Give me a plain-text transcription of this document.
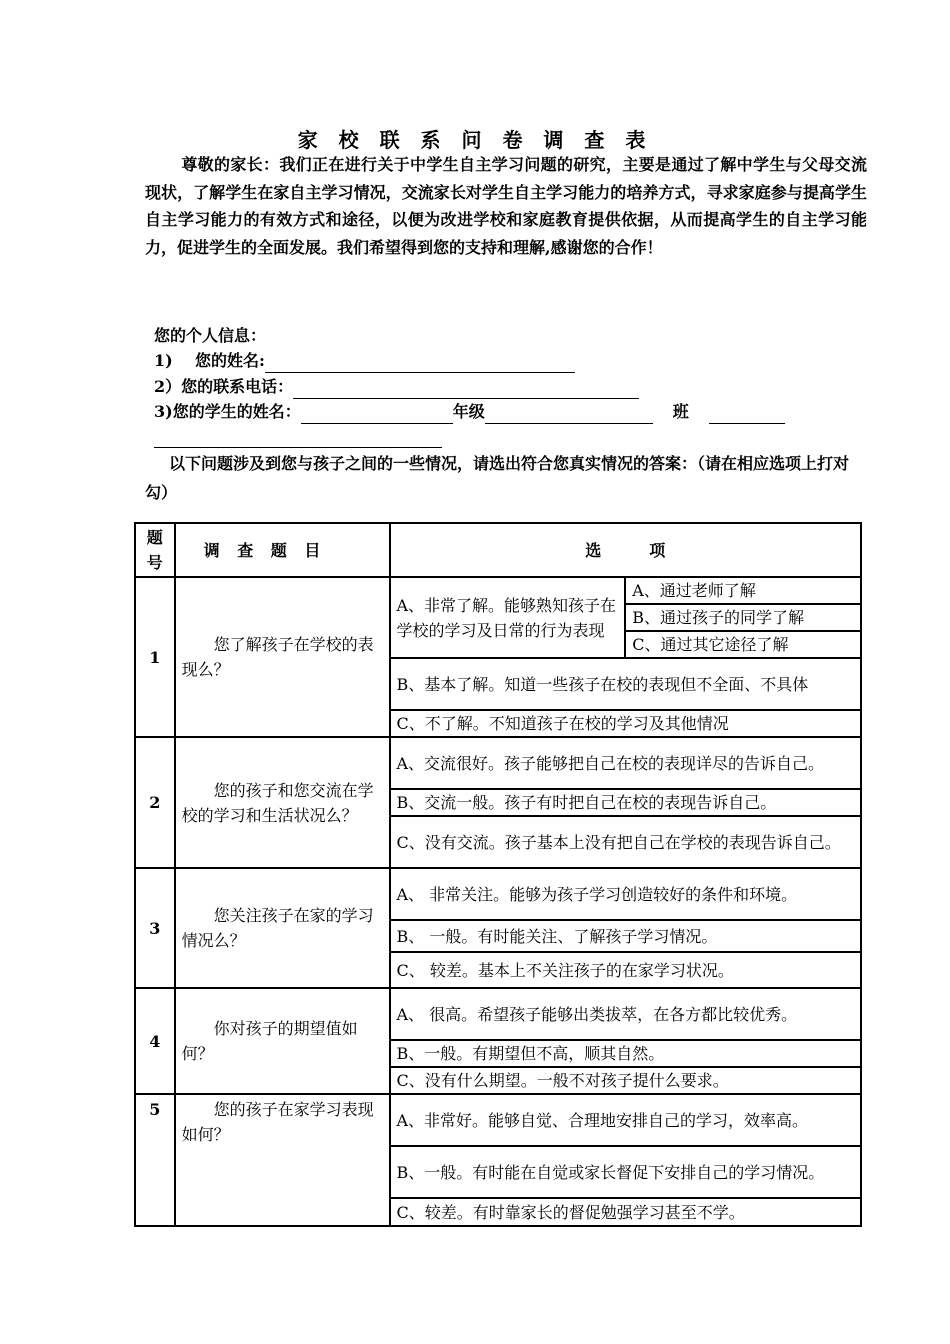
家 校 联 系 问 卷 调 查 表
尊敬的家长：我们正在进行关于中学生自主学习问题的研究，主要是通过了解中学生与父母交流现状，了解学生在家自主学习情况，交流家长对学生自主学习能力的培养方式，寻求家庭参与提高学生自主学习能力的有效方式和途径，以便为改进学校和家庭教育提供依据，从而提高学生的自主学习能力，促进学生的全面发展。我们希望得到您的支持和理解,感谢您的合作！
您的个人信息：
1)    您的姓名:
2）您的联系电话：
3)您的学生的姓名：	年级	班
以下问题涉及到您与孩子之间的一些情况，请选出符合您真实情况的答案：（请在相应选项上打对勾）
题号	调 查 题 目	选 项	
1	您了解孩子在学校的表现么？	A、非常了解。能够熟知孩子在学校的学习及日常的行为表现	A、通过老师了解
			B、通过孩子的同学了解
			C、通过其它途径了解
		B、基本了解。知道一些孩子在校的表现但不全面、不具体	
		C、不了解。不知道孩子在校的学习及其他情况	
2	您的孩子和您交流在学校的学习和生活状况么？	A、交流很好。孩子能够把自己在校的表现详尽的告诉自己。	
		B、交流一般。孩子有时把自己在校的表现告诉自己。	
		C、没有交流。孩子基本上没有把自己在学校的表现告诉自己。	
3	您关注孩子在家的学习情况么？	A、 非常关注。能够为孩子学习创造较好的条件和环境。	
		B、 一般。有时能关注、了解孩子学习情况。	
		C、 较差。基本上不关注孩子的在家学习状况。	
4	你对孩子的期望值如何？	A、 很高。希望孩子能够出类拔萃，在各方都比较优秀。	
		B、一般。有期望但不高，顺其自然。	
		C、没有什么期望。一般不对孩子提什么要求。	
5	您的孩子在家学习表现如何？	A、非常好。能够自觉、合理地安排自己的学习，效率高。	
		B、一般。有时能在自觉或家长督促下安排自己的学习情况。	
		C、较差。有时靠家长的督促勉强学习甚至不学。	
